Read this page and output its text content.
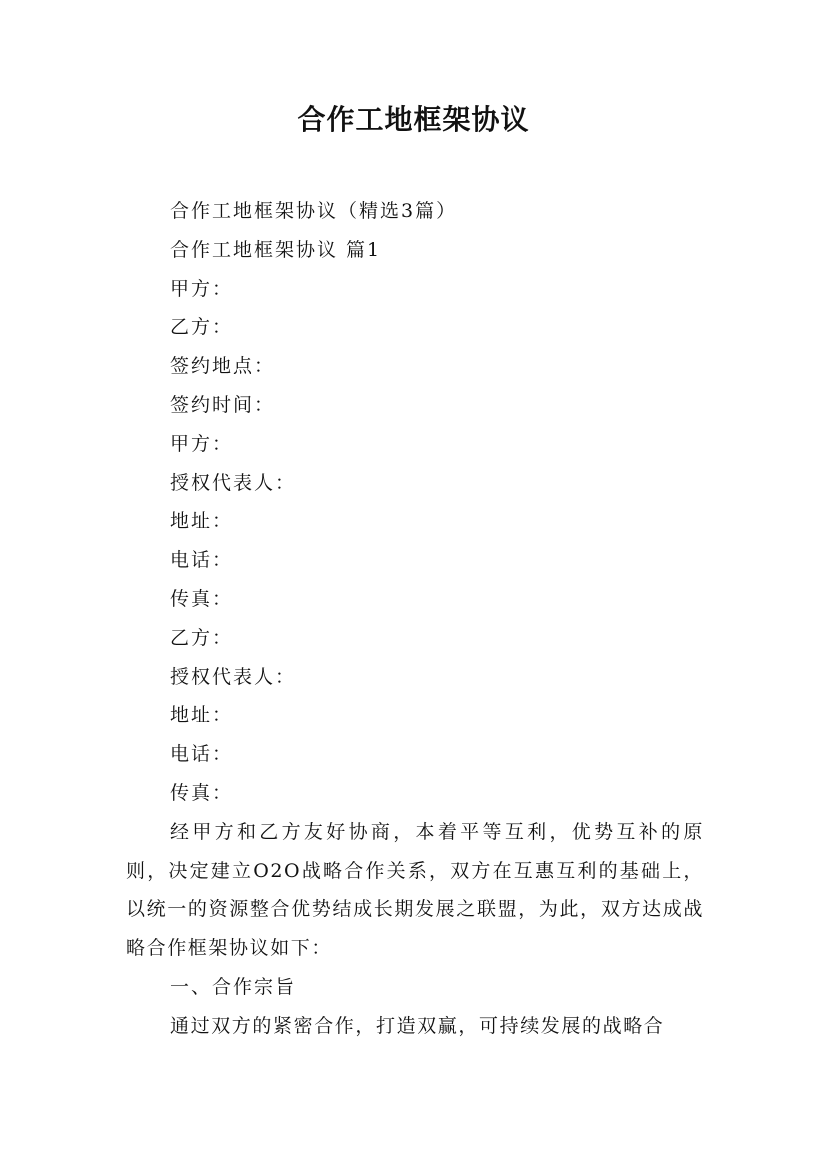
合作工地框架协议
合作工地框架协议（精选3篇）
合作工地框架协议 篇1
甲方：
乙方：
签约地点：
签约时间：
甲方：
授权代表人：
地址：
电话：
传真：
乙方：
授权代表人：
地址：
电话：
传真：
经甲方和乙方友好协商，本着平等互利，优势互补的原则，决定建立O2O战略合作关系，双方在互惠互利的基础上，以统一的资源整合优势结成长期发展之联盟，为此，双方达成战略合作框架协议如下：
一、合作宗旨
通过双方的紧密合作，打造双赢，可持续发展的战略合
